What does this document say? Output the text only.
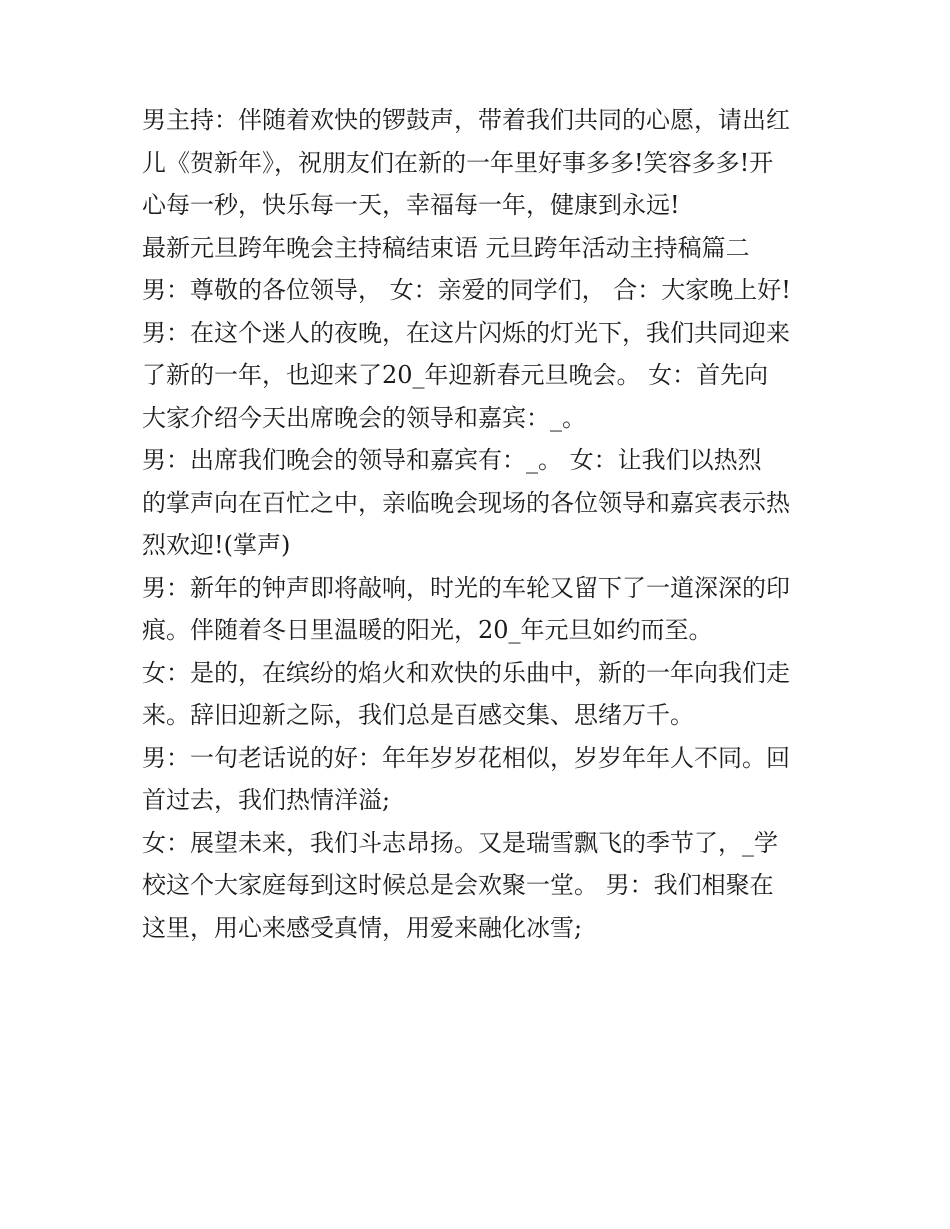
男主持：伴随着欢快的锣鼓声，带着我们共同的心愿，请出红
儿《贺新年》，祝朋友们在新的一年里好事多多!笑容多多!开
心每一秒，快乐每一天，幸福每一年，健康到永远!
最新元旦跨年晚会主持稿结束语 元旦跨年活动主持稿篇二
男：尊敬的各位领导， 女：亲爱的同学们， 合：大家晚上好!
男：在这个迷人的夜晚，在这片闪烁的灯光下，我们共同迎来
了新的一年，也迎来了20_年迎新春元旦晚会。 女：首先向
大家介绍今天出席晚会的领导和嘉宾：_。
男：出席我们晚会的领导和嘉宾有：_。 女：让我们以热烈
的掌声向在百忙之中，亲临晚会现场的各位领导和嘉宾表示热
烈欢迎!(掌声)
男：新年的钟声即将敲响，时光的车轮又留下了一道深深的印
痕。伴随着冬日里温暖的阳光，20_年元旦如约而至。
女：是的，在缤纷的焰火和欢快的乐曲中，新的一年向我们走
来。辞旧迎新之际，我们总是百感交集、思绪万千。
男：一句老话说的好：年年岁岁花相似，岁岁年年人不同。回
首过去，我们热情洋溢;
女：展望未来，我们斗志昂扬。又是瑞雪飘飞的季节了，_学
校这个大家庭每到这时候总是会欢聚一堂。 男：我们相聚在
这里，用心来感受真情，用爱来融化冰雪;
